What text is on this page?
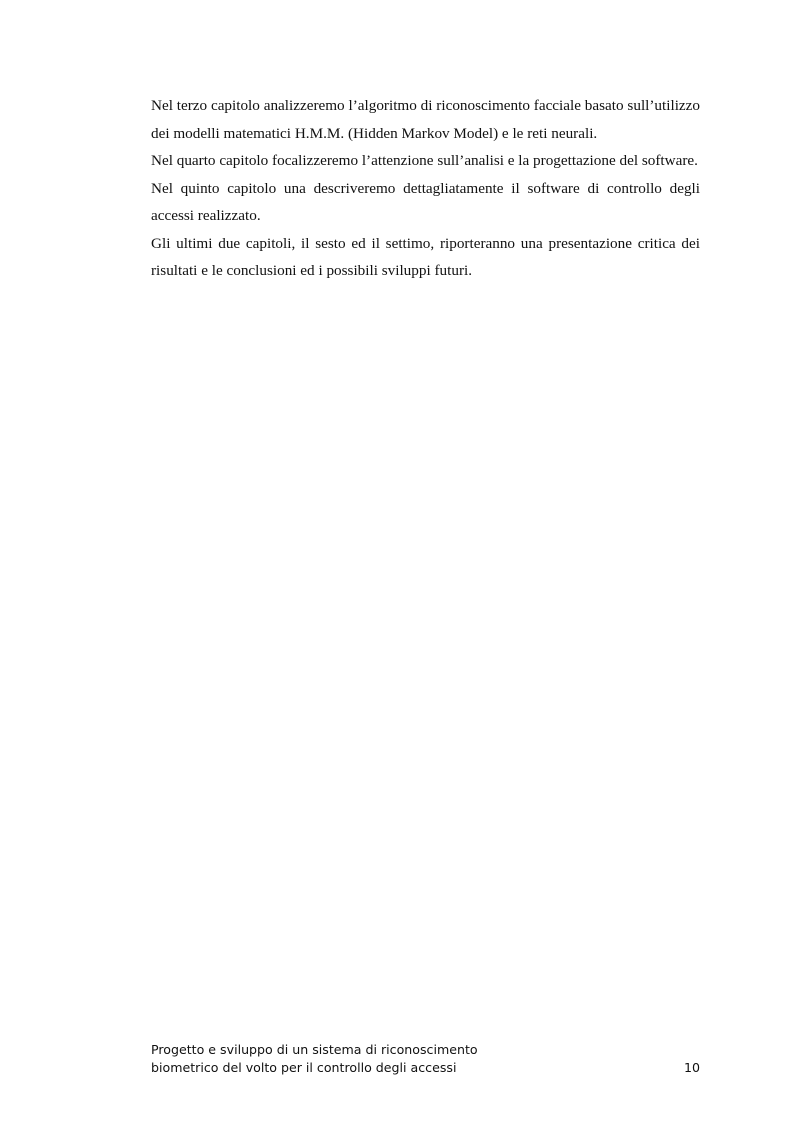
Nel terzo capitolo analizzeremo l’algoritmo di riconoscimento facciale basato sull’utilizzo dei modelli matematici H.M.M. (Hidden Markov Model) e le reti neurali.

Nel quarto capitolo focalizzeremo l’attenzione sull’analisi e la progettazione del software.

Nel quinto capitolo una descriveremo dettagliatamente il software di controllo degli accessi realizzato.

Gli ultimi due capitoli, il sesto ed il settimo, riporteranno una presentazione critica dei risultati e le conclusioni ed i possibili sviluppi futuri.

Progetto e sviluppo di un sistema di riconoscimento
biometrico del volto per il controllo degli accessi	10
